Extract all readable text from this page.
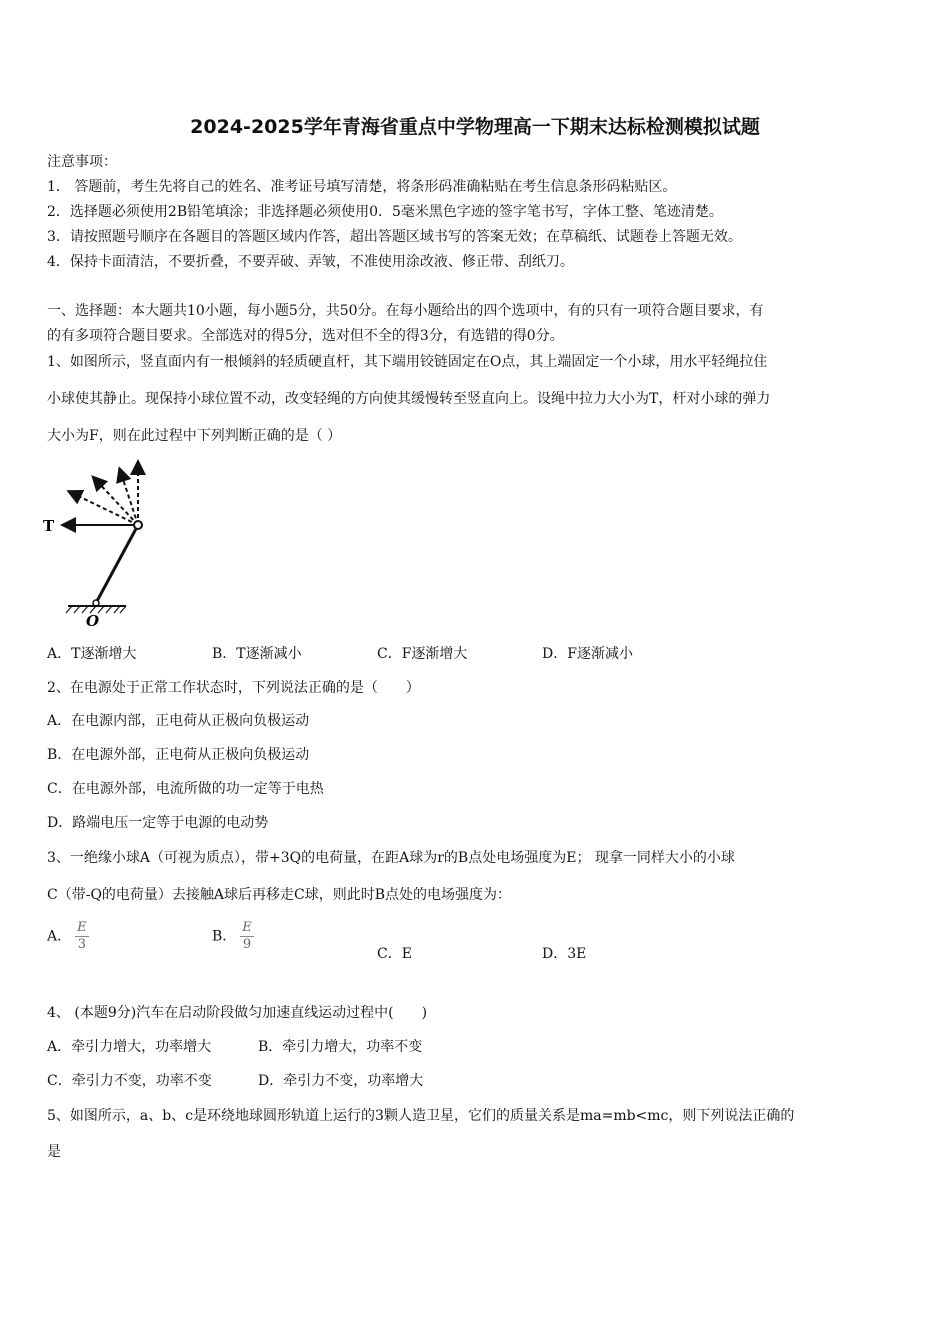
2024-2025学年青海省重点中学物理高一下期末达标检测模拟试题
注意事项：
1． 答题前，考生先将自己的姓名、准考证号填写清楚，将条形码准确粘贴在考生信息条形码粘贴区。
2．选择题必须使用2B铅笔填涂；非选择题必须使用0．5毫米黑色字迹的签字笔书写，字体工整、笔迹清楚。
3．请按照题号顺序在各题目的答题区域内作答，超出答题区域书写的答案无效；在草稿纸、试题卷上答题无效。
4．保持卡面清洁，不要折叠，不要弄破、弄皱，不准使用涂改液、修正带、刮纸刀。
一、选择题：本大题共10小题，每小题5分，共50分。在每小题给出的四个选项中，有的只有一项符合题目要求，有
的有多项符合题目要求。全部选对的得5分，选对但不全的得3分，有选错的得0分。
1、如图所示，竖直面内有一根倾斜的轻质硬直杆，其下端用铰链固定在O点，其上端固定一个小球，用水平轻绳拉住
小球使其静止。现保持小球位置不动，改变轻绳的方向使其缓慢转至竖直向上。设绳中拉力大小为T，杆对小球的弹力
大小为F，则在此过程中下列判断正确的是（ ）
T
O
A．T逐渐增大	B．T逐渐减小	C．F逐渐增大	D．F逐渐减小
2、在电源处于正常工作状态时，下列说法正确的是（　　）
A．在电源内部，正电荷从正极向负极运动
B．在电源外部，正电荷从正极向负极运动
C．在电源外部，电流所做的功一定等于电热
D．路端电压一定等于电源的电动势
3、一绝缘小球A（可视为质点），带+3Q的电荷量，在距A球为r的B点处电场强度为E； 现拿一同样大小的小球
C（带-Q的电荷量）去接触A球后再移走C球，则此时B点处的电场强度为：
A． $\frac{E}{3}$	B． $\frac{E}{9}$
C．E	D．3E
4、 (本题9分)汽车在启动阶段做匀加速直线运动过程中(　　)
A．牵引力增大，功率增大	B．牵引力增大，功率不变
C．牵引力不变，功率不变	D．牵引力不变，功率增大
5、如图所示，a、b、c是环绕地球圆形轨道上运行的3颗人造卫星，它们的质量关系是ma=mb<mc，则下列说法正确的
是
